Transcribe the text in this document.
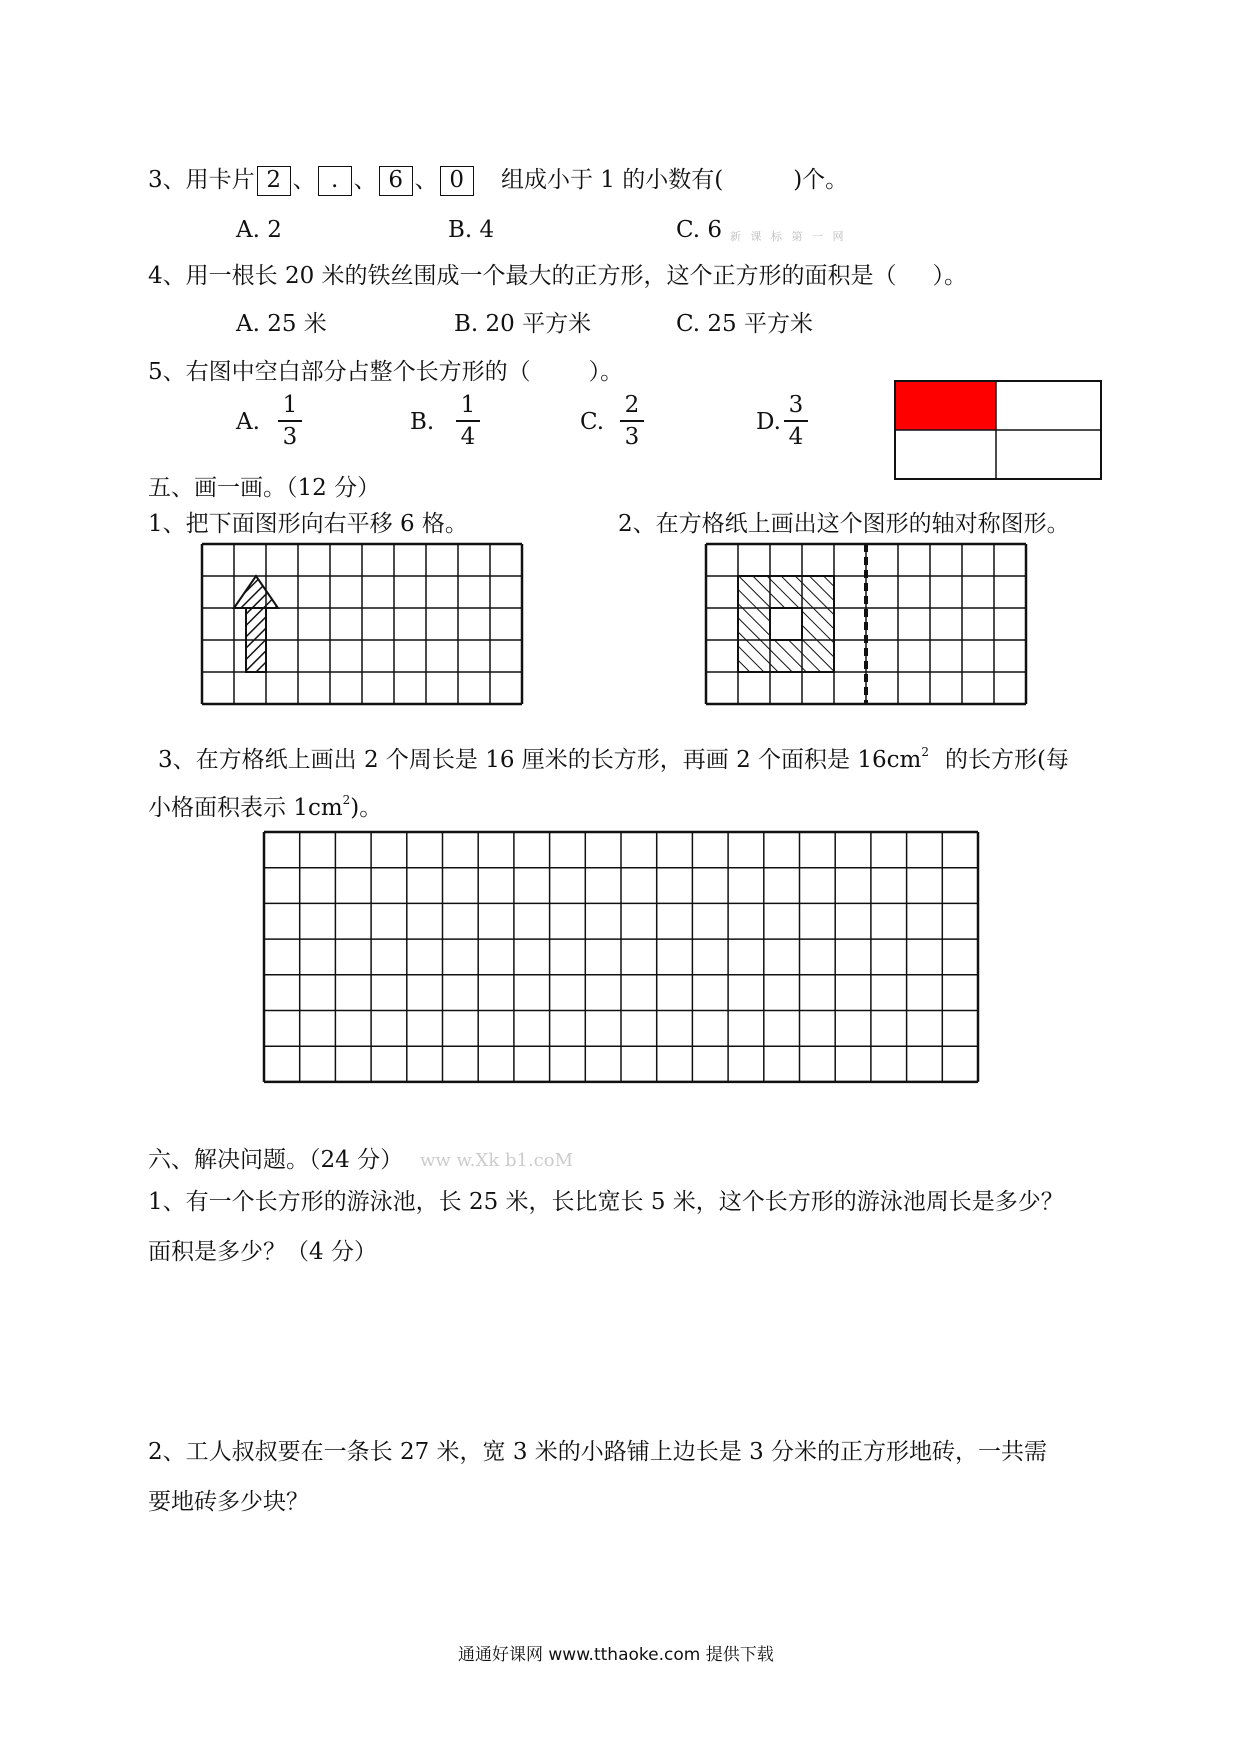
3、用卡片 2 、 . 、 6 、 0 组成小于 1 的小数有(	)个。
A. 2	B. 4	C. 6 新 课 标 第 一 网
4、用一根长 20 米的铁丝围成一个最大的正方形，这个正方形的面积是（ ）。
A. 25 米	B. 20 平方米	C. 25 平方米
5、右图中空白部分占整个长方形的（	）。
A.
1
3
B.
1
4
C.
2
3
D.
3
4
五、画一画。（12 分）
1、把下面图形向右平移 6 格。	2、在方格纸上画出这个图形的轴对称图形。
3、在方格纸上画出 2 个周长是 16 厘米的长方形，再画 2 个面积是 $16cm^2$ 的长方形(每
小格面积表示 $1cm^2$)。
六、解决问题。（24 分） ww w.Xk b1.coM
1、有一个长方形的游泳池，长 25 米，长比宽长 5 米，这个长方形的游泳池周长是多少？
面积是多少？（4 分）
2、工人叔叔要在一条长 27 米，宽 3 米的小路铺上边长是 3 分米的正方形地砖，一共需
要地砖多少块？
通通好课网 www.tthaoke.com 提供下载
